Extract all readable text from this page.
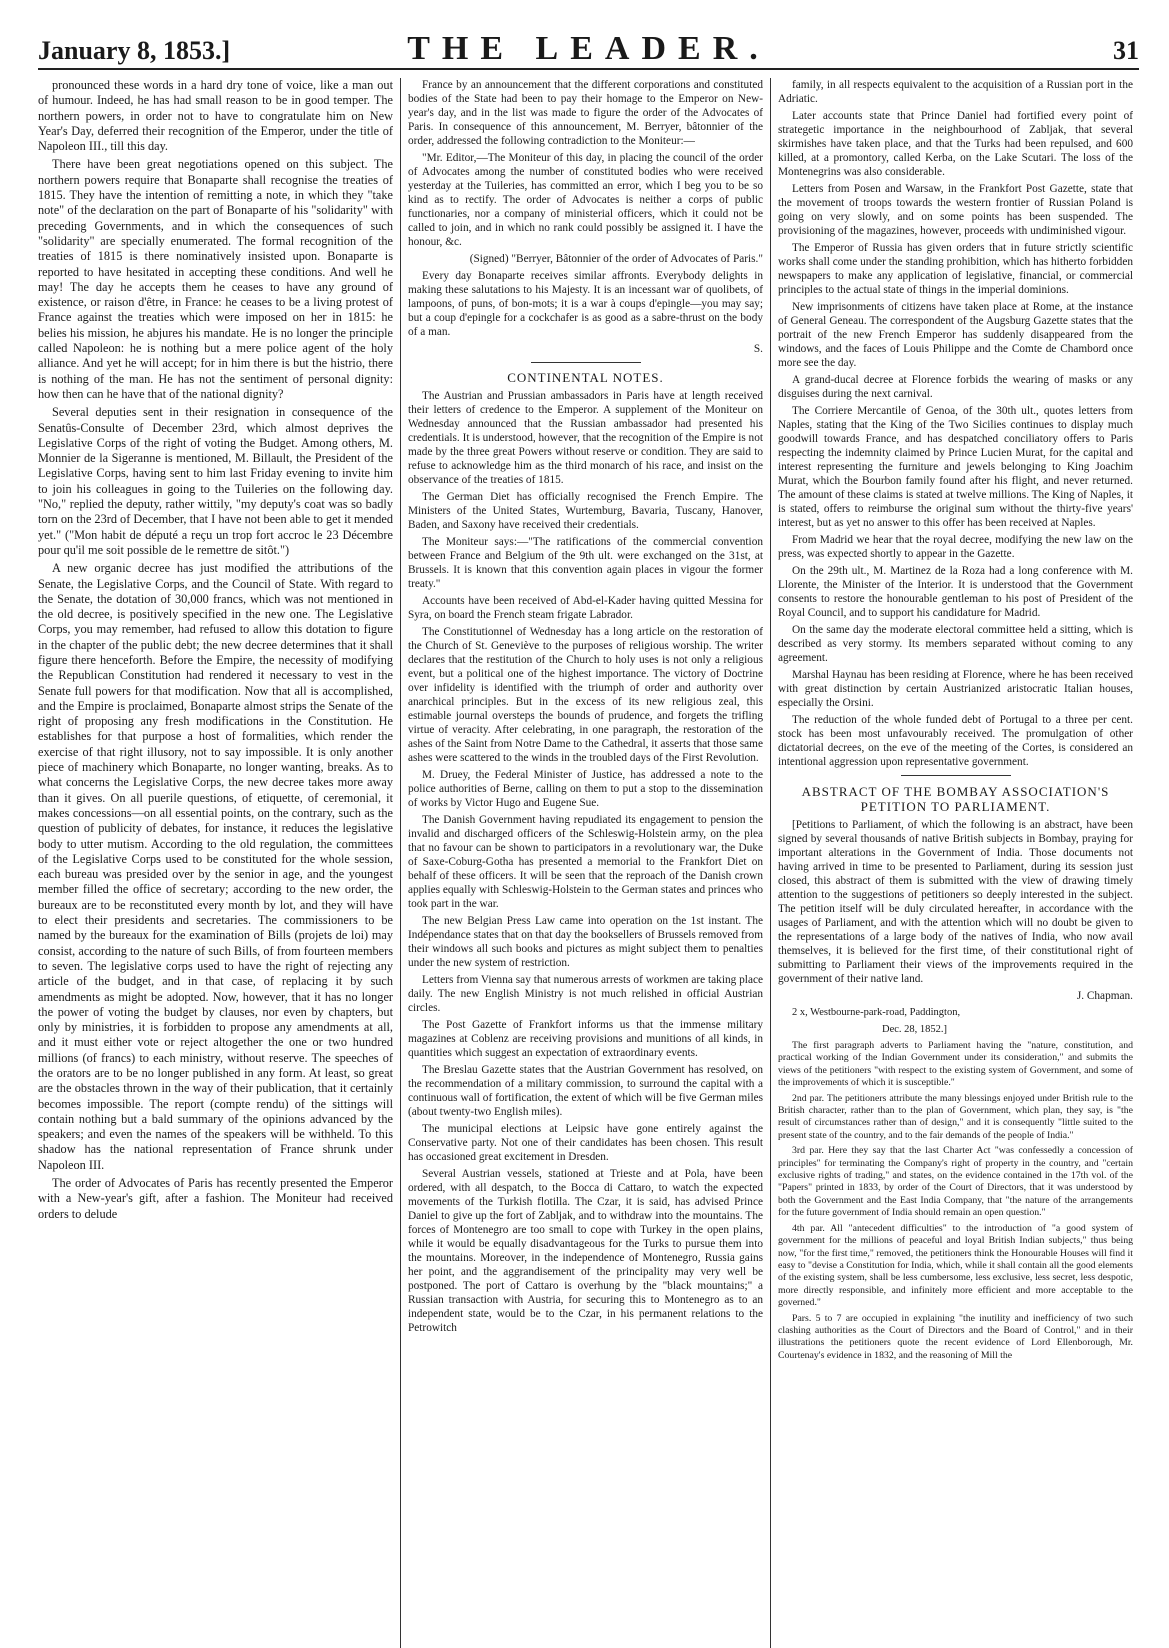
January 8, 1853.]	THE LEADER.	31

pronounced these words in a hard dry tone of voice, like a man out of humour. Indeed, he has had small reason to be in good temper. The northern powers, in order not to have to congratulate him on New Year's Day, deferred their recognition of the Emperor, under the title of Napoleon III., till this day.

There have been great negotiations opened on this subject. The northern powers require that Bonaparte shall recognise the treaties of 1815. They have the intention of remitting a note, in which they "take note" of the declaration on the part of Bonaparte of his "solidarity" with preceding Governments, and in which the consequences of such "solidarity" are specially enumerated. The formal recognition of the treaties of 1815 is there nominatively insisted upon. Bonaparte is reported to have hesitated in accepting these conditions. And well he may! The day he accepts them he ceases to have any ground of existence, or raison d'être, in France: he ceases to be a living protest of France against the treaties which were imposed on her in 1815: he belies his mission, he abjures his mandate. He is no longer the principle called Napoleon: he is nothing but a mere police agent of the holy alliance. And yet he will accept; for in him there is but the histrio, there is nothing of the man. He has not the sentiment of personal dignity: how then can he have that of the national dignity?

Several deputies sent in their resignation in consequence of the Senatûs-Consulte of December 23rd, which almost deprives the Legislative Corps of the right of voting the Budget. Among others, M. Monnier de la Sigeranne is mentioned, M. Billault, the President of the Legislative Corps, having sent to him last Friday evening to invite him to join his colleagues in going to the Tuileries on the following day. "No," replied the deputy, rather wittily, "my deputy's coat was so badly torn on the 23rd of December, that I have not been able to get it mended yet." ("Mon habit de député a reçu un trop fort accroc le 23 Décembre pour qu'il me soit possible de le remettre de sitôt.")

A new organic decree has just modified the attributions of the Senate, the Legislative Corps, and the Council of State. With regard to the Senate, the dotation of 30,000 francs, which was not mentioned in the old decree, is positively specified in the new one. The Legislative Corps, you may remember, had refused to allow this dotation to figure in the chapter of the public debt; the new decree determines that it shall figure there henceforth. Before the Empire, the necessity of modifying the Republican Constitution had rendered it necessary to vest in the Senate full powers for that modification. Now that all is accomplished, and the Empire is proclaimed, Bonaparte almost strips the Senate of the right of proposing any fresh modifications in the Constitution. He establishes for that purpose a host of formalities, which render the exercise of that right illusory, not to say impossible. It is only another piece of machinery which Bonaparte, no longer wanting, breaks. As to what concerns the Legislative Corps, the new decree takes more away than it gives. On all puerile questions, of etiquette, of ceremonial, it makes concessions—on all essential points, on the contrary, such as the question of publicity of debates, for instance, it reduces the legislative body to utter mutism. According to the old regulation, the committees of the Legislative Corps used to be constituted for the whole session, each bureau was presided over by the senior in age, and the youngest member filled the office of secretary; according to the new order, the bureaux are to be reconstituted every month by lot, and they will have to elect their presidents and secretaries. The commissioners to be named by the bureaux for the examination of Bills (projets de loi) may consist, according to the nature of such Bills, of from fourteen members to seven. The legislative corps used to have the right of rejecting any article of the budget, and in that case, of replacing it by such amendments as might be adopted. Now, however, that it has no longer the power of voting the budget by clauses, nor even by chapters, but only by ministries, it is forbidden to propose any amendments at all, and it must either vote or reject altogether the one or two hundred millions (of francs) to each ministry, without reserve. The speeches of the orators are to be no longer published in any form. At least, so great are the obstacles thrown in the way of their publication, that it certainly becomes impossible. The report (compte rendu) of the sittings will contain nothing but a bald summary of the opinions advanced by the speakers; and even the names of the speakers will be withheld. To this shadow has the national representation of France shrunk under Napoleon III.

The order of Advocates of Paris has recently presented the Emperor with a New-year's gift, after a fashion. The Moniteur had received orders to delude

France by an announcement that the different corporations and constituted bodies of the State had been to pay their homage to the Emperor on New-year's day, and in the list was made to figure the order of the Advocates of Paris. In consequence of this announcement, M. Berryer, bâtonnier of the order, addressed the following contradiction to the Moniteur:—

"Mr. Editor,—The Moniteur of this day, in placing the council of the order of Advocates among the number of constituted bodies who were received yesterday at the Tuileries, has committed an error, which I beg you to be so kind as to rectify. The order of Advocates is neither a corps of public functionaries, nor a company of ministerial officers, which it could not be called to join, and in which no rank could possibly be assigned it. I have the honour, &c.

(Signed) "Berryer, Bâtonnier of the order of Advocates of Paris."

Every day Bonaparte receives similar affronts. Everybody delights in making these salutations to his Majesty. It is an incessant war of quolibets, of lampoons, of puns, of bon-mots; it is a war à coups d'epingle—you may say; but a coup d'epingle for a cockchafer is as good as a sabre-thrust on the body of a man.

S.

CONTINENTAL NOTES.

The Austrian and Prussian ambassadors in Paris have at length received their letters of credence to the Emperor. A supplement of the Moniteur on Wednesday announced that the Russian ambassador had presented his credentials. It is understood, however, that the recognition of the Empire is not made by the three great Powers without reserve or condition. They are said to refuse to acknowledge him as the third monarch of his race, and insist on the observance of the treaties of 1815.

The German Diet has officially recognised the French Empire. The Ministers of the United States, Wurtemburg, Bavaria, Tuscany, Hanover, Baden, and Saxony have received their credentials.

The Moniteur says:—"The ratifications of the commercial convention between France and Belgium of the 9th ult. were exchanged on the 31st, at Brussels. It is known that this convention again places in vigour the former treaty."

Accounts have been received of Abd-el-Kader having quitted Messina for Syra, on board the French steam frigate Labrador.

The Constitutionnel of Wednesday has a long article on the restoration of the Church of St. Geneviève to the purposes of religious worship. The writer declares that the restitution of the Church to holy uses is not only a religious event, but a political one of the highest importance. The victory of Doctrine over infidelity is identified with the triumph of order and authority over anarchical principles. But in the excess of its new religious zeal, this estimable journal oversteps the bounds of prudence, and forgets the trifling virtue of veracity. After celebrating, in one paragraph, the restoration of the ashes of the Saint from Notre Dame to the Cathedral, it asserts that those same ashes were scattered to the winds in the troubled days of the First Revolution.

M. Druey, the Federal Minister of Justice, has addressed a note to the police authorities of Berne, calling on them to put a stop to the dissemination of works by Victor Hugo and Eugene Sue.

The Danish Government having repudiated its engagement to pension the invalid and discharged officers of the Schleswig-Holstein army, on the plea that no favour can be shown to participators in a revolutionary war, the Duke of Saxe-Coburg-Gotha has presented a memorial to the Frankfort Diet on behalf of these officers. It will be seen that the reproach of the Danish crown applies equally with Schleswig-Holstein to the German states and princes who took part in the war.

The new Belgian Press Law came into operation on the 1st instant. The Indépendance states that on that day the booksellers of Brussels removed from their windows all such books and pictures as might subject them to penalties under the new system of restriction.

Letters from Vienna say that numerous arrests of workmen are taking place daily. The new English Ministry is not much relished in official Austrian circles.

The Post Gazette of Frankfort informs us that the immense military magazines at Coblenz are receiving provisions and munitions of all kinds, in quantities which suggest an expectation of extraordinary events.

The Breslau Gazette states that the Austrian Government has resolved, on the recommendation of a military commission, to surround the capital with a continuous wall of fortification, the extent of which will be five German miles (about twenty-two English miles).

The municipal elections at Leipsic have gone entirely against the Conservative party. Not one of their candidates has been chosen. This result has occasioned great excitement in Dresden.

Several Austrian vessels, stationed at Trieste and at Pola, have been ordered, with all despatch, to the Bocca di Cattaro, to watch the expected movements of the Turkish flotilla. The Czar, it is said, has advised Prince Daniel to give up the fort of Zabljak, and to withdraw into the mountains. The forces of Montenegro are too small to cope with Turkey in the open plains, while it would be equally disadvantageous for the Turks to pursue them into the mountains. Moreover, in the independence of Montenegro, Russia gains her point, and the aggrandisement of the principality may very well be postponed. The port of Cattaro is overhung by the "black mountains;" a Russian transaction with Austria, for securing this to Montenegro as to an independent state, would be to the Czar, in his permanent relations to the Petrowitch

family, in all respects equivalent to the acquisition of a Russian port in the Adriatic.

Later accounts state that Prince Daniel had fortified every point of strategetic importance in the neighbourhood of Zabljak, that several skirmishes have taken place, and that the Turks had been repulsed, and 600 killed, at a promontory, called Kerba, on the Lake Scutari. The loss of the Montenegrins was also considerable.

Letters from Posen and Warsaw, in the Frankfort Post Gazette, state that the movement of troops towards the western frontier of Russian Poland is going on very slowly, and on some points has been suspended. The provisioning of the magazines, however, proceeds with undiminished vigour.

The Emperor of Russia has given orders that in future strictly scientific works shall come under the standing prohibition, which has hitherto forbidden newspapers to make any application of legislative, financial, or commercial principles to the actual state of things in the imperial dominions.

New imprisonments of citizens have taken place at Rome, at the instance of General Geneau. The correspondent of the Augsburg Gazette states that the portrait of the new French Emperor has suddenly disappeared from the windows, and the faces of Louis Philippe and the Comte de Chambord once more see the day.

A grand-ducal decree at Florence forbids the wearing of masks or any disguises during the next carnival.

The Corriere Mercantile of Genoa, of the 30th ult., quotes letters from Naples, stating that the King of the Two Sicilies continues to display much goodwill towards France, and has despatched conciliatory offers to Paris respecting the indemnity claimed by Prince Lucien Murat, for the capital and interest representing the furniture and jewels belonging to King Joachim Murat, which the Bourbon family found after his flight, and never returned. The amount of these claims is stated at twelve millions. The King of Naples, it is stated, offers to reimburse the original sum without the thirty-five years' interest, but as yet no answer to this offer has been received at Naples.

From Madrid we hear that the royal decree, modifying the new law on the press, was expected shortly to appear in the Gazette.

On the 29th ult., M. Martinez de la Roza had a long conference with M. Llorente, the Minister of the Interior. It is understood that the Government consents to restore the honourable gentleman to his post of President of the Royal Council, and to support his candidature for Madrid.

On the same day the moderate electoral committee held a sitting, which is described as very stormy. Its members separated without coming to any agreement.

Marshal Haynau has been residing at Florence, where he has been received with great distinction by certain Austrianized aristocratic Italian houses, especially the Orsini.

The reduction of the whole funded debt of Portugal to a three per cent. stock has been most unfavourably received. The promulgation of other dictatorial decrees, on the eve of the meeting of the Cortes, is considered an intentional aggression upon representative government.

ABSTRACT OF THE BOMBAY ASSOCIATION'S PETITION TO PARLIAMENT.

[Petitions to Parliament, of which the following is an abstract, have been signed by several thousands of native British subjects in Bombay, praying for important alterations in the Government of India. Those documents not having arrived in time to be presented to Parliament, during its session just closed, this abstract of them is submitted with the view of drawing timely attention to the suggestions of petitioners so deeply interested in the subject. The petition itself will be duly circulated hereafter, in accordance with the usages of Parliament, and with the attention which will no doubt be given to the representations of a large body of the natives of India, who now avail themselves, it is believed for the first time, of their constitutional right of submitting to Parliament their views of the improvements required in the government of their native land.

J. Chapman.

2 x, Westbourne-park-road, Paddington,

Dec. 28, 1852.]

The first paragraph adverts to Parliament having the "nature, constitution, and practical working of the Indian Government under its consideration," and submits the views of the petitioners "with respect to the existing system of Government, and some of the improvements of which it is susceptible."

2nd par. The petitioners attribute the many blessings enjoyed under British rule to the British character, rather than to the plan of Government, which plan, they say, is "the result of circumstances rather than of design," and it is consequently "little suited to the present state of the country, and to the fair demands of the people of India."

3rd par. Here they say that the last Charter Act "was confessedly a concession of principles" for terminating the Company's right of property in the country, and "certain exclusive rights of trading," and states, on the evidence contained in the 17th vol. of the "Papers" printed in 1833, by order of the Court of Directors, that it was understood by both the Government and the East India Company, that "the nature of the arrangements for the future government of India should remain an open question."

4th par. All "antecedent difficulties" to the introduction of "a good system of government for the millions of peaceful and loyal British Indian subjects," thus being now, "for the first time," removed, the petitioners think the Honourable Houses will find it easy to "devise a Constitution for India, which, while it shall contain all the good elements of the existing system, shall be less cumbersome, less exclusive, less secret, less despotic, more directly responsible, and infinitely more efficient and more acceptable to the governed."

Pars. 5 to 7 are occupied in explaining "the inutility and inefficiency of two such clashing authorities as the Court of Directors and the Board of Control," and in their illustrations the petitioners quote the recent evidence of Lord Ellenborough, Mr. Courtenay's evidence in 1832, and the reasoning of Mill the
